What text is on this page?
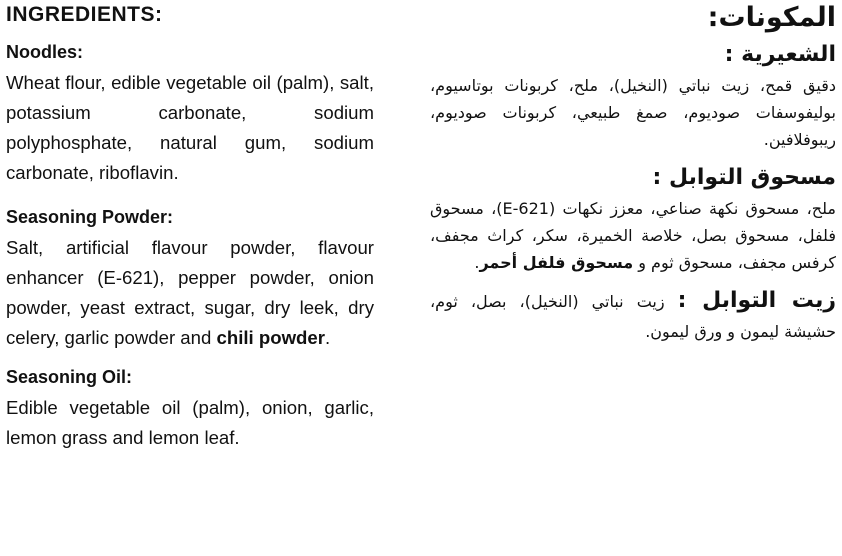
INGREDIENTS:
Noodles:

Wheat flour, edible vegetable oil (palm), salt, potassium carbonate, sodium polyphosphate, natural gum, sodium carbonate, riboflavin.

Seasoning Powder:

Salt, artificial flavour powder, flavour enhancer (E-621), pepper powder, onion powder, yeast extract, sugar, dry leek, dry celery, garlic powder and chili powder.

Seasoning Oil:

Edible vegetable oil (palm), onion, garlic, lemon grass and lemon leaf.

المكونات:
الشعيرية :

دقيق قمح، زيت نباتي (النخيل)، ملح، كربونات بوتاسيوم، بوليفوسفات صوديوم، صمغ طبيعي، كربونات صوديوم، ريبوفلافين.

مسحوق التوابل :

ملح، مسحوق نكهة صناعي، معزز نكهات (E-621)، مسحوق فلفل، مسحوق بصل، خلاصة الخميرة، سكر، كراث مجفف، كرفس مجفف، مسحوق ثوم و مسحوق فلفل أحمر.

زيت التوابل : زيت نباتي (النخيل)، بصل، ثوم، حشيشة ليمون و ورق ليمون.
